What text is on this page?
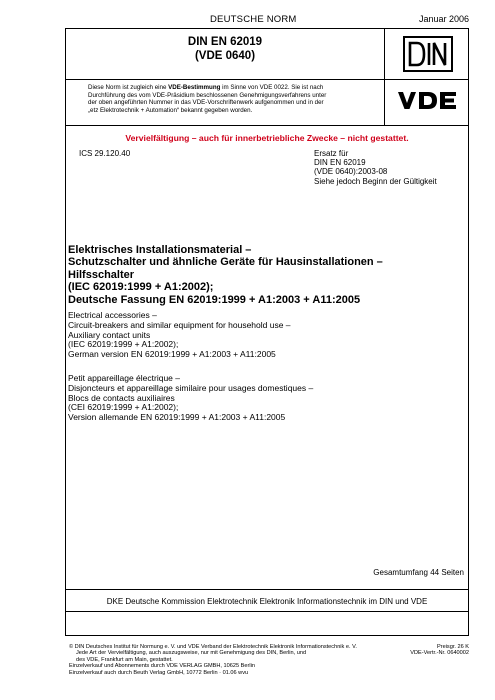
DEUTSCHE NORM	Januar 2006
DIN EN 62019
(VDE 0640)
Diese Norm ist zugleich eine VDE-Bestimmung im Sinne von VDE 0022. Sie ist nach
Durchführung des vom VDE-Präsidium beschlossenen Genehmigungsverfahrens unter
der oben angeführten Nummer in das VDE-Vorschriftenwerk aufgenommen und in der
„etz Elektrotechnik + Automation“ bekannt gegeben worden.
Vervielfältigung – auch für innerbetriebliche Zwecke – nicht gestattet.
ICS 29.120.40	Ersatz für
DIN EN 62019
(VDE 0640):2003-08
Siehe jedoch Beginn der Gültigkeit
Elektrisches Installationsmaterial –
Schutzschalter und ähnliche Geräte für Hausinstallationen –
Hilfsschalter
(IEC 62019:1999 + A1:2002);
Deutsche Fassung EN 62019:1999 + A1:2003 + A11:2005
Electrical accessories –
Circuit-breakers and similar equipment for household use –
Auxiliary contact units
(IEC 62019:1999 + A1:2002);
German version EN 62019:1999 + A1:2003 + A11:2005
Petit appareillage électrique –
Disjoncteurs et appareillage similaire pour usages domestiques –
Blocs de contacts auxiliaires
(CEI 62019:1999 + A1:2002);
Version allemande EN 62019:1999 + A1:2003 + A11:2005
Gesamtumfang 44 Seiten
DKE Deutsche Kommission Elektrotechnik Elektronik Informationstechnik im DIN und VDE
© DIN Deutsches Institut für Normung e. V. und VDE Verband der Elektrotechnik Elektronik Informationstechnik e. V.
Jede Art der Vervielfältigung, auch auszugsweise, nur mit Genehmigung des DIN, Berlin, und
des VDE, Frankfurt am Main, gestattet.
Einzelverkauf und Abonnements durch VDE VERLAG GMBH, 10625 Berlin
Einzelverkauf auch durch Beuth Verlag GmbH, 10772 Berlin · 01.06 wvu
Preisgr. 26 K
VDE-Vertr.-Nr. 0640002
